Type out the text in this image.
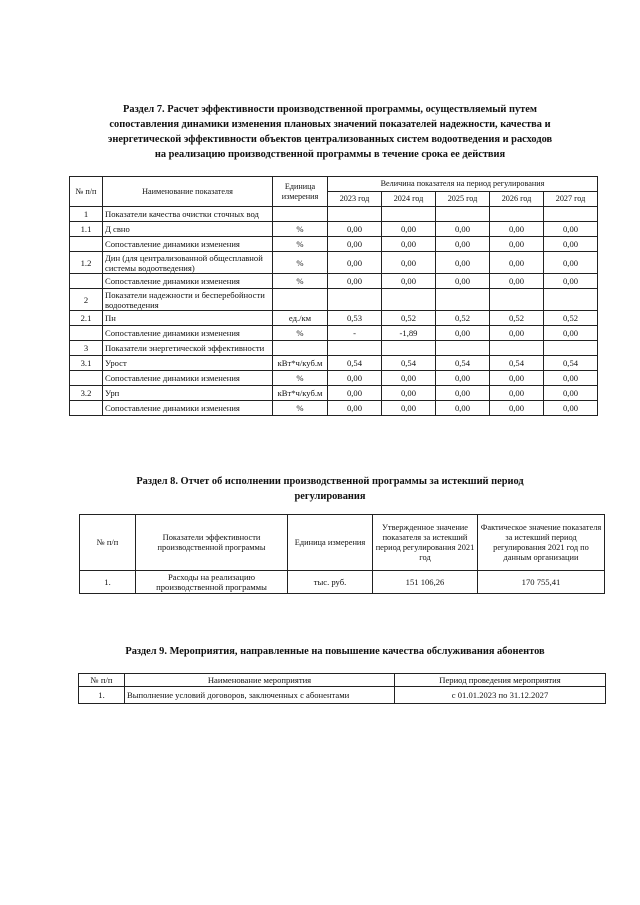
Раздел 7. Расчет эффективности производственной программы, осуществляемый путем
сопоставления динамики изменения плановых значений показателей надежности, качества и
энергетической эффективности объектов централизованных систем водоотведения и расходов
на реализацию производственной программы в течение срока ее действия
№ п/п	Наименование показателя	Единица измерения	Величина показателя на период регулирования				
			2023 год	2024 год	2025 год	2026 год	2027 год
1	Показатели качества очистки сточных вод						
1.1	Д свно	%	0,00	0,00	0,00	0,00	0,00
	Сопоставление динамики изменения	%	0,00	0,00	0,00	0,00	0,00
1.2	Дин (для централизованной общесплавной системы водоотведения)	%	0,00	0,00	0,00	0,00	0,00
	Сопоставление динамики изменения	%	0,00	0,00	0,00	0,00	0,00
2	Показатели надежности и бесперебойности водоотведения						
2.1	Пн	ед./км	0,53	0,52	0,52	0,52	0,52
	Сопоставление динамики изменения	%	-	-1,89	0,00	0,00	0,00
3	Показатели энергетической эффективности						
3.1	Урост	кВт*ч/куб.м	0,54	0,54	0,54	0,54	0,54
	Сопоставление динамики изменения	%	0,00	0,00	0,00	0,00	0,00
3.2	Урп	кВт*ч/куб.м	0,00	0,00	0,00	0,00	0,00
	Сопоставление динамики изменения	%	0,00	0,00	0,00	0,00	0,00
Раздел 8. Отчет об исполнении производственной программы за истекший период
регулирования
№ п/п	Показатели эффективности производственной программы	Единица измерения	Утвержденное значение показателя за истекший период регулирования 2021 год	Фактическое значение показателя за истекший период регулирования 2021 год по данным организации
1.	Расходы на реализацию производственной программы	тыс. руб.	151 106,26	170 755,41
Раздел 9. Мероприятия, направленные на повышение качества обслуживания абонентов
№ п/п	Наименование мероприятия	Период проведения мероприятия
1.	Выполнение условий договоров, заключенных с абонентами	с 01.01.2023 по 31.12.2027
